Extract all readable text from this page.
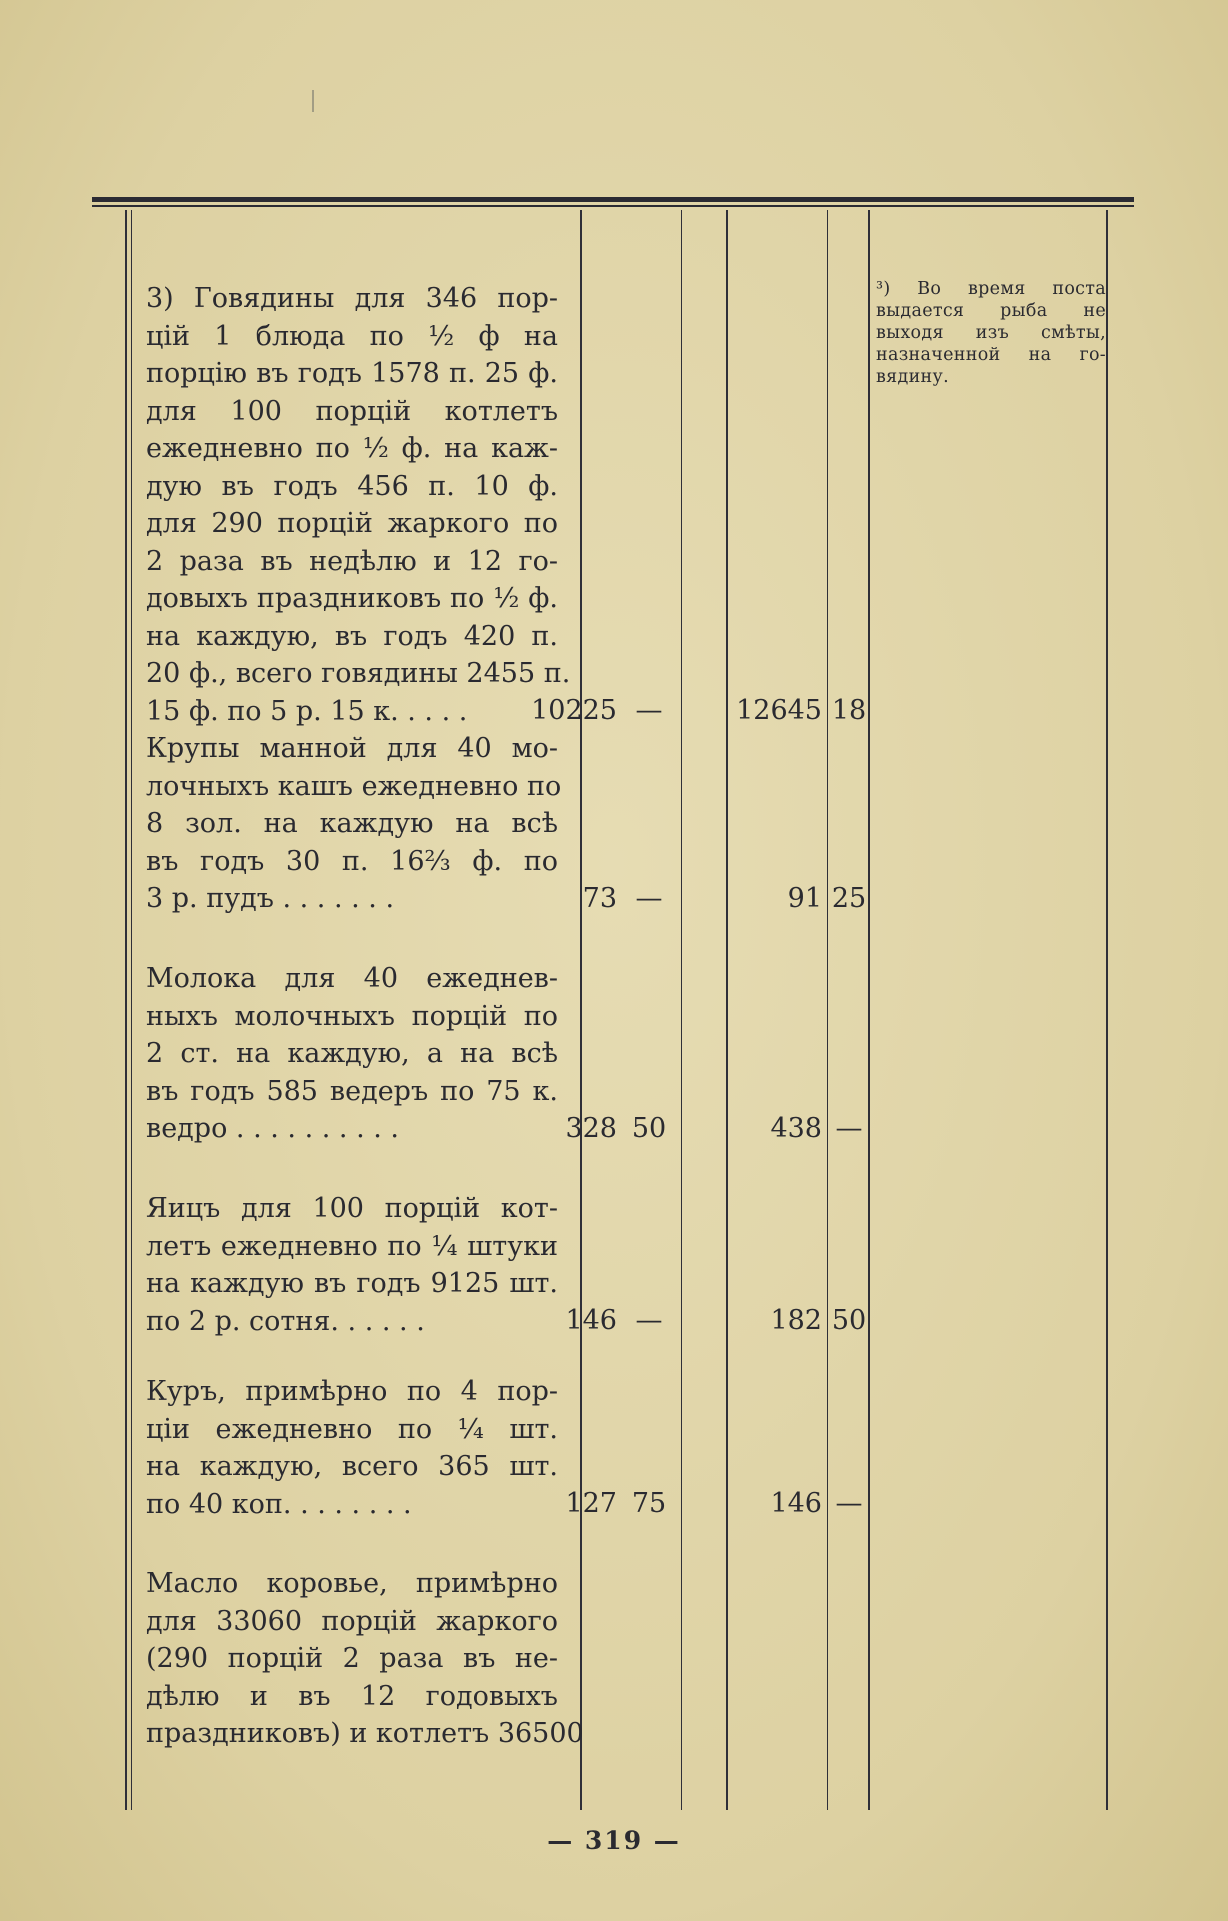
3) Говядины для 346 пор-
цій 1 блюда по ½ ф на
порцію въ годъ 1578 п. 25 ф.
для 100 порцій котлетъ
ежедневно по ½ ф. на каж-
дую въ годъ 456 п. 10 ф.
для 290 порцій жаркого по
2 раза въ недѣлю и 12 го-
довыхъ праздниковъ по ½ ф.
на каждую, въ годъ 420 п.
20 ф., всего говядины 2455 п.
15 ф. по 5 р. 15 к. . . . .	10225 —	12645 18
Крупы манной для 40 мо-
лочныхъ кашъ ежедневно по
8 зол. на каждую на всѣ
въ годъ 30 п. 16⅔ ф. по
3 р. пудъ . . . . . . .	73 —	91 25
Молока для 40 ежеднев-
ныхъ молочныхъ порцій по
2 ст. на каждую, а на всѣ
въ годъ 585 ведеръ по 75 к.
ведро . . . . . . . . . .	328 50	438 —
Яицъ для 100 порцій кот-
летъ ежедневно по ¼ штуки
на каждую въ годъ 9125 шт.
по 2 р. сотня. . . . . .	146 —	182 50
Куръ, примѣрно по 4 пор-
ціи ежедневно по ¼ шт.
на каждую, всего 365 шт.
по 40 коп. . . . . . . .	127 75	146 —
Масло коровье, примѣрно
для 33060 порцій жаркого
(290 порцій 2 раза въ не-
дѣлю и въ 12 годовыхъ
праздниковъ) и котлетъ 36500
³) Во время поста
выдается рыба не
выходя изъ смѣты,
назначенной на го-
вядину.
— 319 —
